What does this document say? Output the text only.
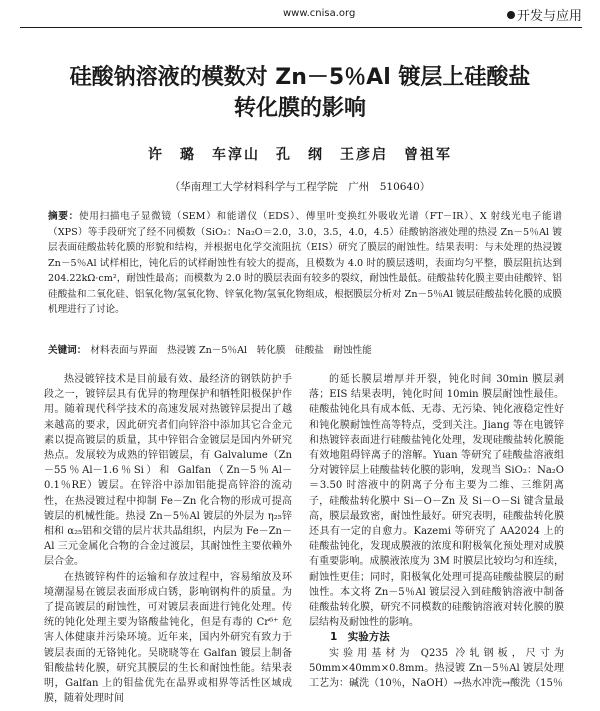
www.cnisa.org	开发与应用
硅酸钠溶液的模数对 Zn－5％Al 镀层上硅酸盐
转化膜的影响
许　璐　车淳山　孔　纲　王彦启　曾祖军
（华南理工大学材料科学与工程学院　广州　510640）
摘要：使用扫描电子显微镜（SEM）和能谱仪（EDS）、傅里叶变换红外吸收光谱（FT－IR）、X 射线光电子能谱（XPS）等手段研究了经不同模数（SiO₂：Na₂O＝2.0，3.0，3.5，4.0，4.5）硅酸钠溶液处理的热浸 Zn－5％Al 镀层表面硅酸盐转化膜的形貌和结构，并根据电化学交流阻抗（EIS）研究了膜层的耐蚀性。结果表明：与未处理的热浸镀 Zn－5％Al 试样相比，钝化后的试样耐蚀性有较大的提高，且模数为 4.0 时的膜层透明，表面均匀平整，膜层阻抗达到 204.22kΩ·cm²，耐蚀性最高；而模数为 2.0 时的膜层表面有较多的裂纹，耐蚀性最低。硅酸盐转化膜主要由硅酸锌、铝硅酸盐和二氧化硅、铝氧化物/氢氧化物、锌氧化物/氢氧化物组成，根据膜层分析对 Zn－5％Al 镀层硅酸盐转化膜的成膜机理进行了讨论。
关键词： 材料表面与界面　热浸镀 Zn－5％Al　转化膜　硅酸盐　耐蚀性能

热浸镀锌技术是目前最有效、最经济的钢铁防护手段之一，镀锌层具有优异的物理保护和牺牲阳极保护作用。随着现代科学技术的高速发展对热镀锌层提出了越来越高的要求，因此研究者们向锌浴中添加其它合金元素以提高镀层的质量，其中锌铝合金镀层是国内外研究热点。发展较为成熟的锌铝镀层，有 Galvalume（Zn－55％Al－1.6％Si）和 Galfan（Zn－5％Al－0.1％RE）镀层。在锌浴中添加铝能提高锌浴的流动性，在热浸镀过程中抑制 Fe－Zn 化合物的形成可提高镀层的机械性能。热浸 Zn－5％Al 镀层的外层为 η₂₅锌相和 α₂₅铝和交错的层片状共晶组织，内层为 Fe－Zn－Al 三元金属化合物的合金过渡层，其耐蚀性主要依赖外层合金。

在热镀锌构件的运输和存放过程中，容易缩放及环境潮湿易在镀层表面形成白锈，影响钢构件的质量。为了提高镀层的耐蚀性，可对镀层表面进行钝化处理。传统的钝化处理主要为铬酸盐钝化，但是有毒的 Cr⁶⁺ 危害人体健康并污染环境。近年来，国内外研究有致力于镀层表面的无铬钝化。吴晓晓等在 Galfan 镀层上制备钼酸盐转化膜，研究其膜层的生长和耐蚀性能。结果表明，Galfan 上的钼盐优先在晶界或相界等活性区域成膜，随着处理时间

的延长膜层增厚并开裂，钝化时间 30min 膜层剥落；EIS 结果表明，钝化时间 10min 膜层耐蚀性最佳。硅酸盐钝化具有成本低、无毒、无污染、钝化液稳定性好和钝化膜耐蚀性高等特点，受到关注。Jiang 等在电镀锌和热镀锌表面进行硅酸盐钝化处理，发现硅酸盐转化膜能有效地阻碍锌离子的溶解。Yuan 等研究了硅酸盐溶液组分对镀锌层上硅酸盐转化膜的影响，发现当 SiO₂：Na₂O＝3.50 时溶液中的阴离子分布主要为二维、三维阴离子，硅酸盐转化膜中 Si－O－Zn 及 Si－O－Si 键含量最高，膜层最致密，耐蚀性最好。研究表明，硅酸盐转化膜还具有一定的自愈力。Kazemi 等研究了 AA2024 上的硅酸盐钝化，发现成膜液的浓度和附极氧化预处理对成膜有重要影响。成膜液浓度为 3M 时膜层比较均匀和连续，耐蚀性更佳；同时，阳极氧化处理可提高硅酸盐膜层的耐蚀性。本文将 Zn－5％Al 镀层浸入到硅酸钠溶液中制备硅酸盐转化膜，研究不同模数的硅酸钠溶液对转化膜的膜层结构及耐蚀性的影响。

1　实验方法

实验用基材为 Q235 冷轧钢板，尺寸为 50mm×40mm×0.8mm。热浸镀 Zn－5％Al 镀层处理工艺为：碱洗（10％，NaOH）→热水冲洗→酸洗（15％
